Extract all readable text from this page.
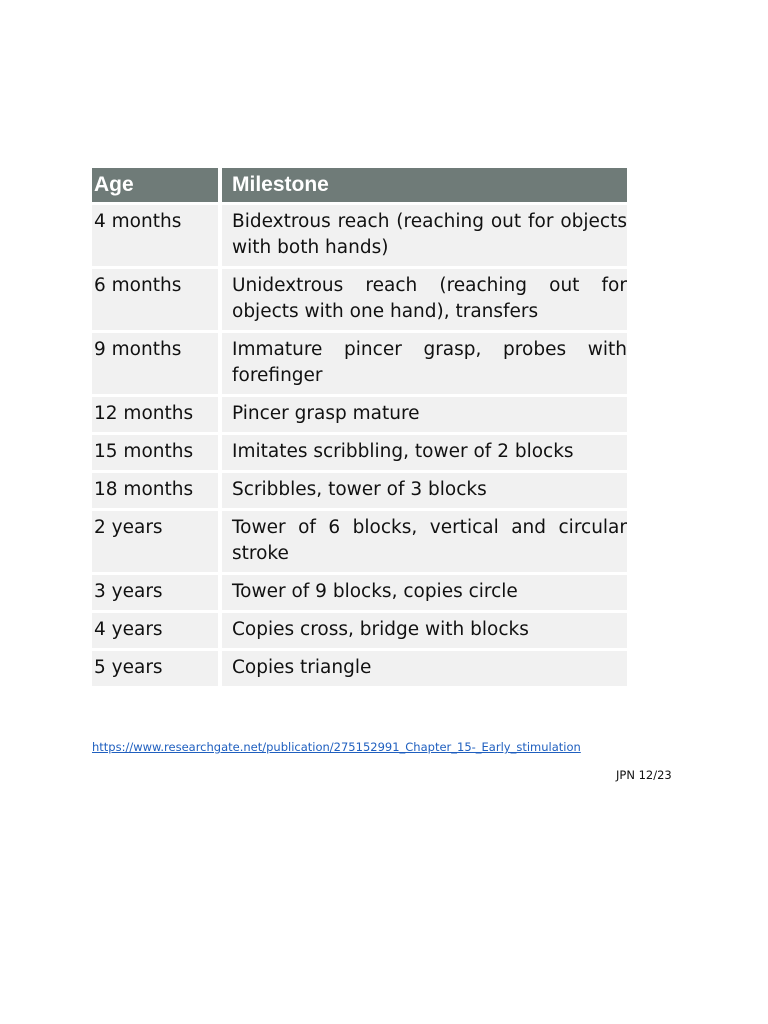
Age		Milestone
4 months		Bidextrous reach (reaching out for objects with both hands)
6 months		Unidextrous reach (reaching out for objects with one hand), transfers
9 months		Immature pincer grasp, probes with forefinger
12 months		Pincer grasp mature
15 months		Imitates scribbling, tower of 2 blocks
18 months		Scribbles, tower of 3 blocks
2 years		Tower of 6 blocks, vertical and circular stroke
3 years		Tower of 9 blocks, copies circle
4 years		Copies cross, bridge with blocks
5 years		Copies triangle
https://www.researchgate.net/publication/275152991_Chapter_15-_Early_stimulation
JPN 12/23
